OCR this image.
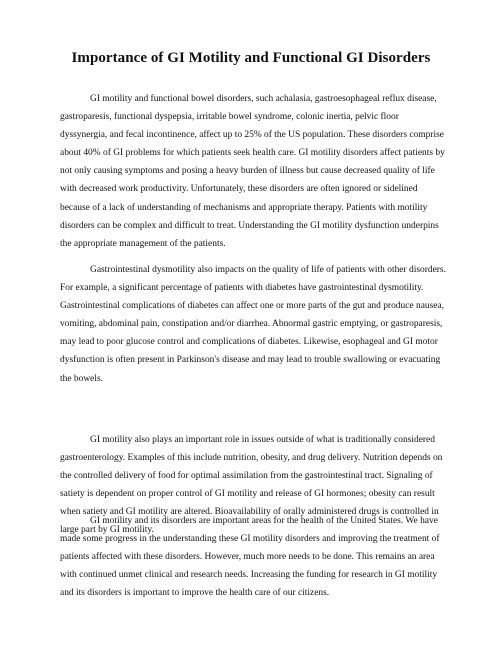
Importance of GI Motility and Functional GI Disorders

GI motility and functional bowel disorders, such achalasia, gastroesophageal reflux disease, gastroparesis, functional dyspepsia, irritable bowel syndrome, colonic inertia, pelvic floor dyssynergia, and fecal incontinence, affect up to 25% of the US population. These disorders comprise about 40% of GI problems for which patients seek health care. GI motility disorders affect patients by not only causing symptoms and posing a heavy burden of illness but cause decreased quality of life with decreased work productivity. Unfortunately, these disorders are often ignored or sidelined because of a lack of understanding of mechanisms and appropriate therapy. Patients with motility disorders can be complex and difficult to treat. Understanding the GI motility dysfunction underpins the appropriate management of the patients.

Gastrointestinal dysmotility also impacts on the quality of life of patients with other disorders. For example, a significant percentage of patients with diabetes have gastrointestinal dysmotility. Gastrointestinal complications of diabetes can affect one or more parts of the gut and produce nausea, vomiting, abdominal pain, constipation and/or diarrhea. Abnormal gastric emptying, or gastroparesis, may lead to poor glucose control and complications of diabetes. Likewise, esophageal and GI motor dysfunction is often present in Parkinson's disease and may lead to trouble swallowing or evacuating the bowels.

GI motility also plays an important role in issues outside of what is traditionally considered gastroenterology. Examples of this include nutrition, obesity, and drug delivery. Nutrition depends on the controlled delivery of food for optimal assimilation from the gastrointestinal tract. Signaling of satiety is dependent on proper control of GI motility and release of GI hormones; obesity can result when satiety and GI motility are altered. Bioavailability of orally administered drugs is controlled in large part by GI motility.

GI motility and its disorders are important areas for the health of the United States. We have made some progress in the understanding these GI motility disorders and improving the treatment of patients affected with these disorders. However, much more needs to be done. This remains an area with continued unmet clinical and research needs. Increasing the funding for research in GI motility and its disorders is important to improve the health care of our citizens.
